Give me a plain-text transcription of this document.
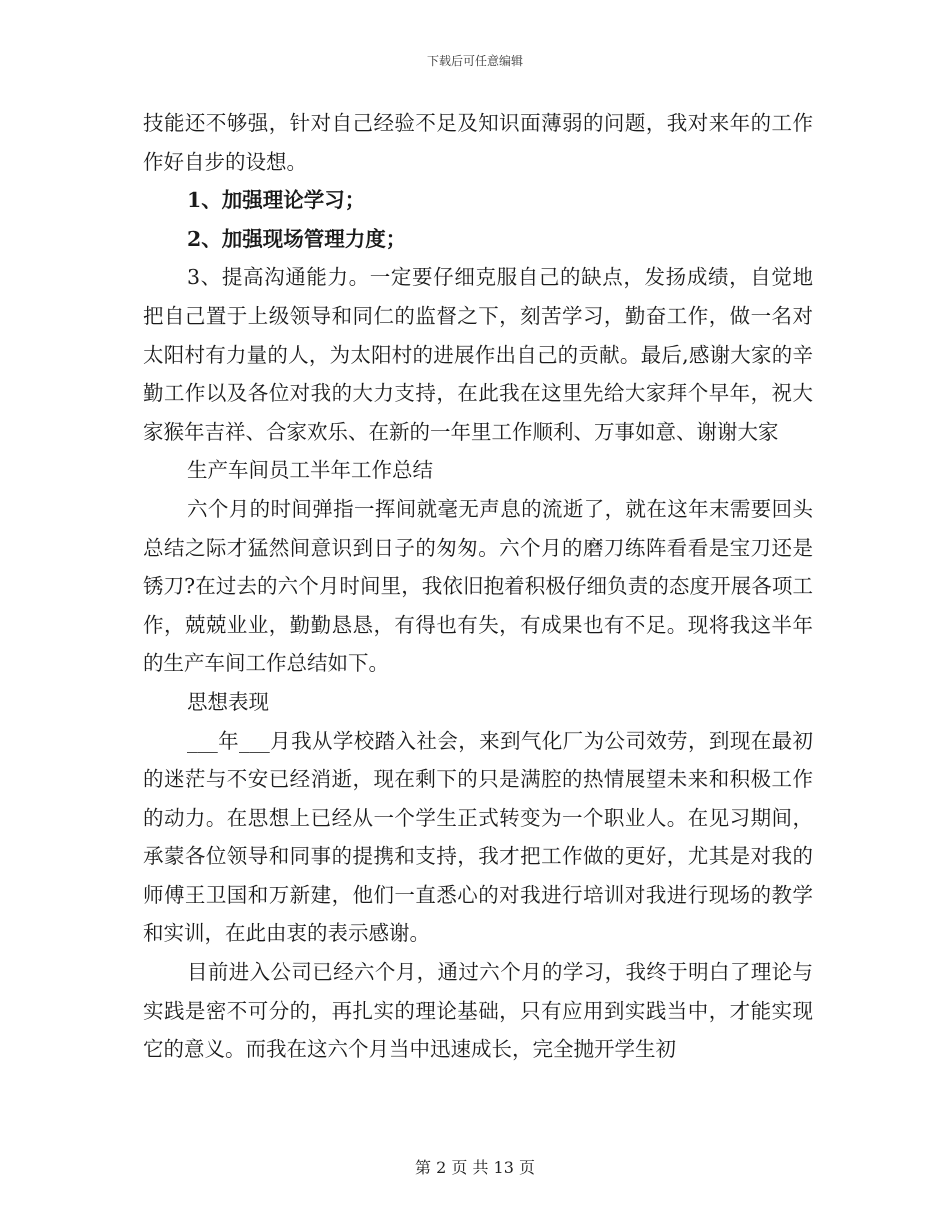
下载后可任意编辑

技能还不够强，针对自己经验不足及知识面薄弱的问题，我对来年的工作作好自步的设想。

1、加强理论学习；

2、加强现场管理力度；

3、提高沟通能力。一定要仔细克服自己的缺点，发扬成绩，自觉地把自己置于上级领导和同仁的监督之下，刻苦学习，勤奋工作，做一名对太阳村有力量的人，为太阳村的进展作出自己的贡献。最后,感谢大家的辛勤工作以及各位对我的大力支持，在此我在这里先给大家拜个早年，祝大家猴年吉祥、合家欢乐、在新的一年里工作顺利、万事如意、谢谢大家

生产车间员工半年工作总结

六个月的时间弹指一挥间就毫无声息的流逝了，就在这年末需要回头总结之际才猛然间意识到日子的匆匆。六个月的磨刀练阵看看是宝刀还是锈刀?在过去的六个月时间里，我依旧抱着积极仔细负责的态度开展各项工作，兢兢业业，勤勤恳恳，有得也有失，有成果也有不足。现将我这半年的生产车间工作总结如下。

思想表现

___年___月我从学校踏入社会，来到气化厂为公司效劳，到现在最初的迷茫与不安已经消逝，现在剩下的只是满腔的热情展望未来和积极工作的动力。在思想上已经从一个学生正式转变为一个职业人。在见习期间，承蒙各位领导和同事的提携和支持，我才把工作做的更好，尤其是对我的师傅王卫国和万新建，他们一直悉心的对我进行培训对我进行现场的教学和实训，在此由衷的表示感谢。

目前进入公司已经六个月，通过六个月的学习，我终于明白了理论与实践是密不可分的，再扎实的理论基础，只有应用到实践当中，才能实现它的意义。而我在这六个月当中迅速成长，完全抛开学生初

第 2 页 共 13 页
